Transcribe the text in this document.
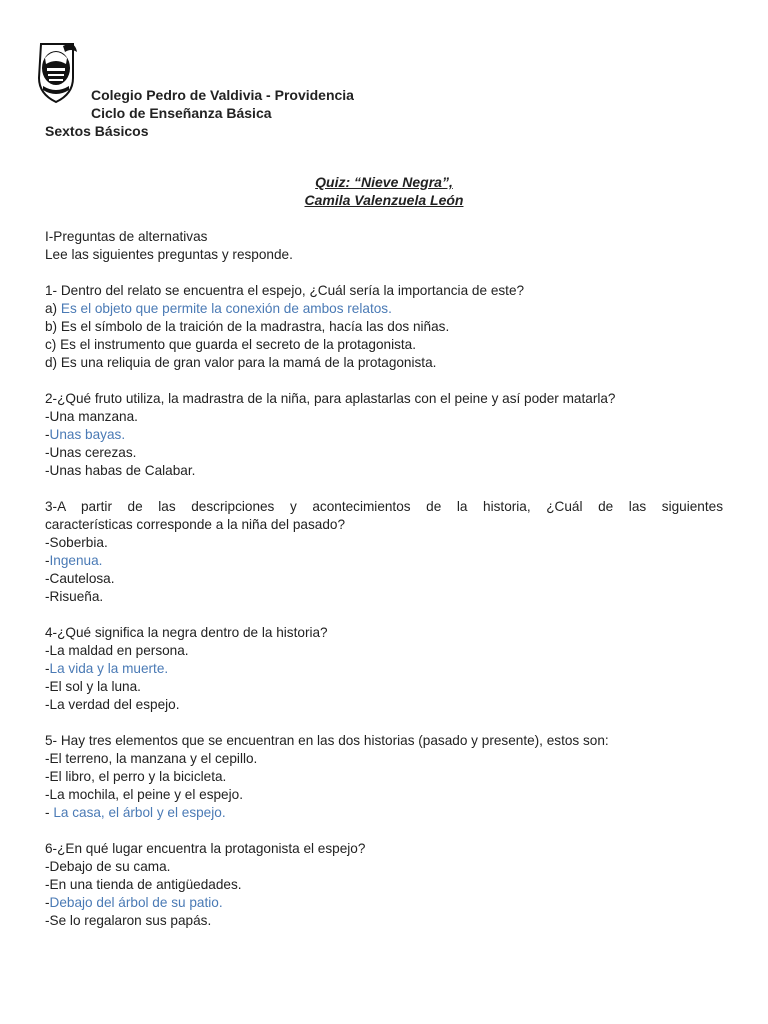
Colegio Pedro de Valdivia - Providencia
Ciclo de Enseñanza Básica
Sextos Básicos
Quiz: “Nieve Negra”,
Camila Valenzuela León
I-Preguntas de alternativas
Lee las siguientes preguntas y responde.
1- Dentro del relato se encuentra el espejo, ¿Cuál sería la importancia de este?
a) Es el objeto que permite la conexión de ambos relatos.
b) Es el símbolo de la traición de la madrastra, hacía las dos niñas.
c) Es el instrumento que guarda el secreto de la protagonista.
d) Es una reliquia de gran valor para la mamá de la protagonista.
2-¿Qué fruto utiliza, la madrastra de la niña, para aplastarlas con el peine y así poder matarla?
-Una manzana.
-Unas bayas.
-Unas cerezas.
-Unas habas de Calabar.
3-A partir de las descripciones y acontecimientos de la historia, ¿Cuál de las siguientes
características corresponde a la niña del pasado?
-Soberbia.
-Ingenua.
-Cautelosa.
-Risueña.
4-¿Qué significa la negra dentro de la historia?
-La maldad en persona.
-La vida y la muerte.
-El sol y la luna.
-La verdad del espejo.
5- Hay tres elementos que se encuentran en las dos historias (pasado y presente), estos son:
-El terreno, la manzana y el cepillo.
-El libro, el perro y la bicicleta.
-La mochila, el peine y el espejo.
- La casa, el árbol y el espejo.
6-¿En qué lugar encuentra la protagonista el espejo?
-Debajo de su cama.
-En una tienda de antigüedades.
-Debajo del árbol de su patio.
-Se lo regalaron sus papás.
